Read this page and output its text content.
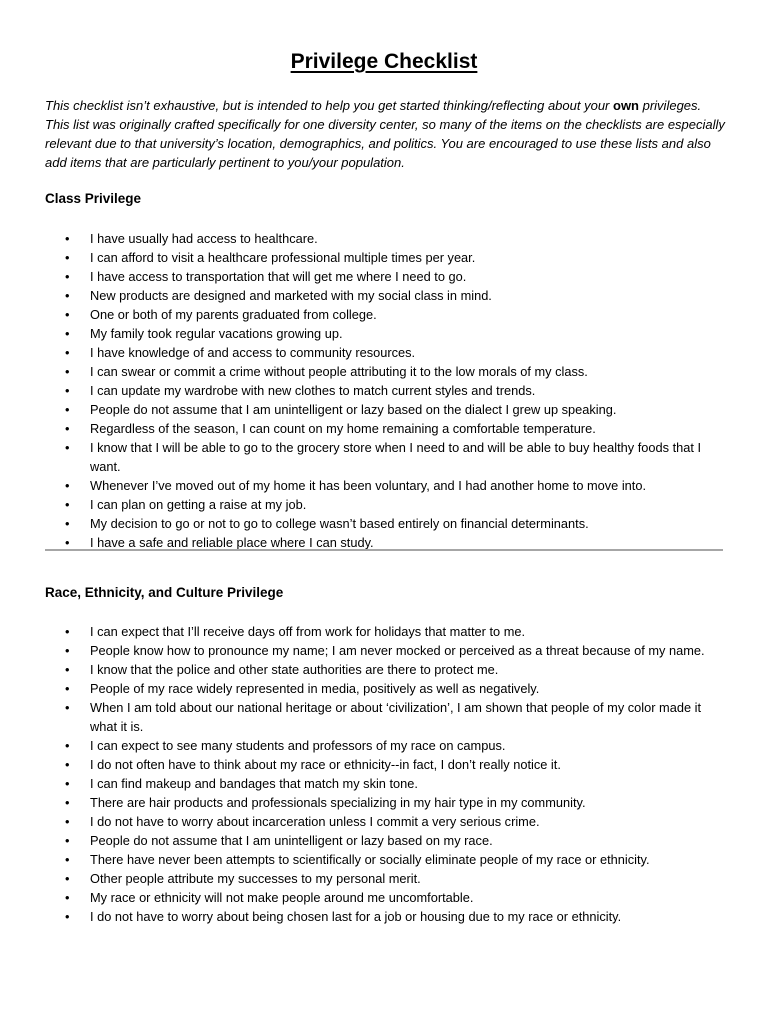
Privilege Checklist

This checklist isn’t exhaustive, but is intended to help you get started thinking/reflecting about your own privileges. This list was originally crafted specifically for one diversity center, so many of the items on the checklists are especially relevant due to that university’s location, demographics, and politics. You are encouraged to use these lists and also add items that are particularly pertinent to you/your population.

Class Privilege
• I have usually had access to healthcare.
• I can afford to visit a healthcare professional multiple times per year.
• I have access to transportation that will get me where I need to go.
• New products are designed and marketed with my social class in mind.
• One or both of my parents graduated from college.
• My family took regular vacations growing up.
• I have knowledge of and access to community resources.
• I can swear or commit a crime without people attributing it to the low morals of my class.
• I can update my wardrobe with new clothes to match current styles and trends.
• People do not assume that I am unintelligent or lazy based on the dialect I grew up speaking.
• Regardless of the season, I can count on my home remaining a comfortable temperature.
• I know that I will be able to go to the grocery store when I need to and will be able to buy healthy foods that I want.
• Whenever I’ve moved out of my home it has been voluntary, and I had another home to move into.
• I can plan on getting a raise at my job.
• My decision to go or not to go to college wasn’t based entirely on financial determinants.
• I have a safe and reliable place where I can study.
Race, Ethnicity, and Culture Privilege
• I can expect that I’ll receive days off from work for holidays that matter to me.
• People know how to pronounce my name; I am never mocked or perceived as a threat because of my name.
• I know that the police and other state authorities are there to protect me.
• People of my race widely represented in media, positively as well as negatively.
• When I am told about our national heritage or about ‘civilization’, I am shown that people of my color made it what it is.
• I can expect to see many students and professors of my race on campus.
• I do not often have to think about my race or ethnicity--in fact, I don’t really notice it.
• I can find makeup and bandages that match my skin tone.
• There are hair products and professionals specializing in my hair type in my community.
• I do not have to worry about incarceration unless I commit a very serious crime.
• People do not assume that I am unintelligent or lazy based on my race.
• There have never been attempts to scientifically or socially eliminate people of my race or ethnicity.
• Other people attribute my successes to my personal merit.
• My race or ethnicity will not make people around me uncomfortable.
• I do not have to worry about being chosen last for a job or housing due to my race or ethnicity.
